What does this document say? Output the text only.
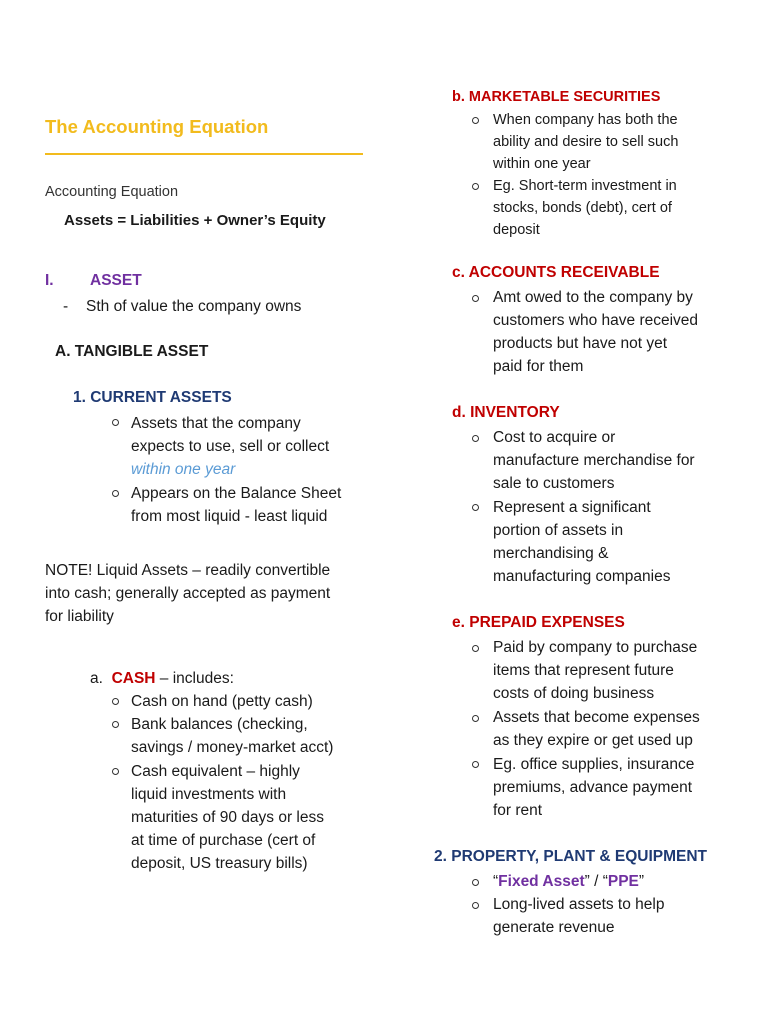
The Accounting Equation
Accounting Equation
Assets = Liabilities + Owner’s Equity
I. ASSET
- Sth of value the company owns
A. TANGIBLE ASSET
1. CURRENT ASSETS
Assets that the company
expects to use, sell or collect
within one year
Appears on the Balance Sheet
from most liquid - least liquid
NOTE! Liquid Assets – readily convertible
into cash; generally accepted as payment
for liability
a. CASH – includes:
Cash on hand (petty cash)
Bank balances (checking,
savings / money-market acct)
Cash equivalent – highly
liquid investments with
maturities of 90 days or less
at time of purchase (cert of
deposit, US treasury bills)
b. MARKETABLE SECURITIES
When company has both the
ability and desire to sell such
within one year
Eg. Short-term investment in
stocks, bonds (debt), cert of
deposit
c. ACCOUNTS RECEIVABLE
Amt owed to the company by
customers who have received
products but have not yet
paid for them
d. INVENTORY
Cost to acquire or
manufacture merchandise for
sale to customers
Represent a significant
portion of assets in
merchandising &
manufacturing companies
e. PREPAID EXPENSES
Paid by company to purchase
items that represent future
costs of doing business
Assets that become expenses
as they expire or get used up
Eg. office supplies, insurance
premiums, advance payment
for rent
2. PROPERTY, PLANT & EQUIPMENT
“Fixed Asset” / “PPE”
Long-lived assets to help
generate revenue
